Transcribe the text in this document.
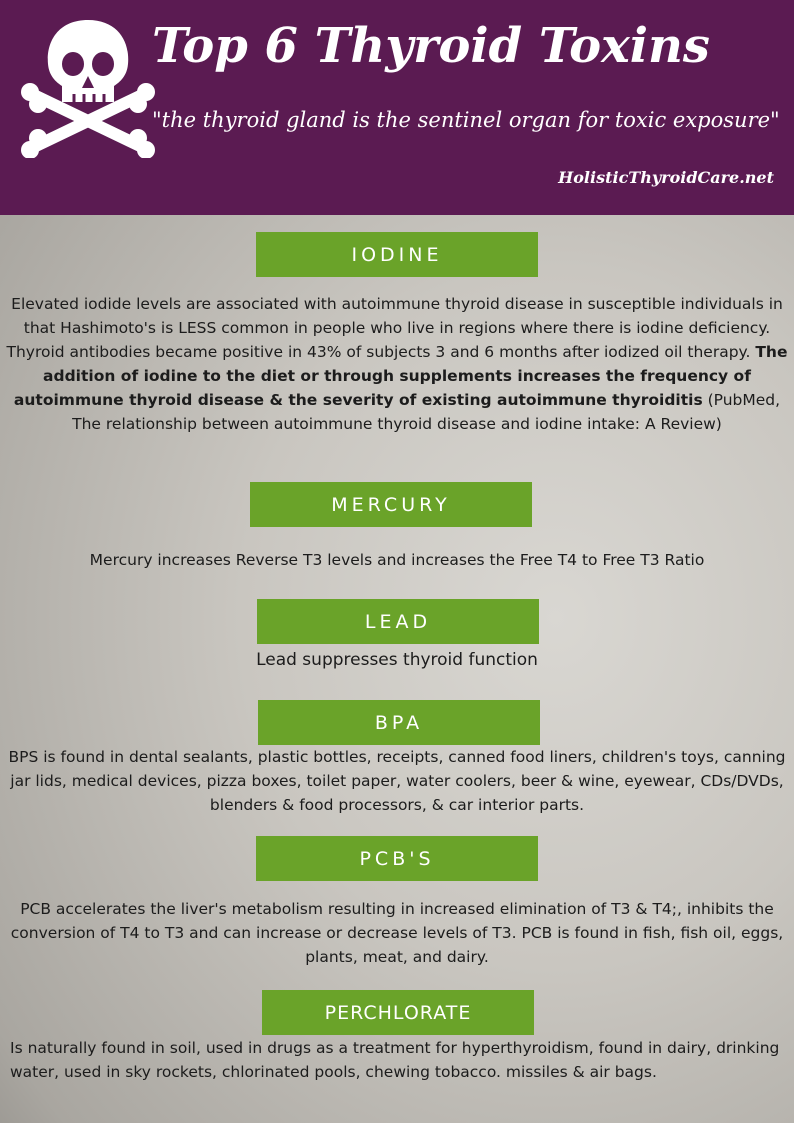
Top 6 Thyroid Toxins
"the thyroid gland is the sentinel organ for toxic exposure"
HolisticThyroidCare.net
IODINE
Elevated iodide levels are associated with autoimmune thyroid disease in susceptible individuals in that Hashimoto's is LESS common in people who live in regions where there is iodine deficiency. Thyroid antibodies became positive in 43% of subjects 3 and 6 months after iodized oil therapy. The addition of iodine to the diet or through supplements increases the frequency of autoimmune thyroid disease & the severity of existing autoimmune thyroiditis (PubMed, The relationship between autoimmune thyroid disease and iodine intake: A Review)
MERCURY
Mercury increases Reverse T3 levels and increases the Free T4 to Free T3 Ratio
LEAD
Lead suppresses thyroid function
BPA
BPS is found in dental sealants, plastic bottles, receipts, canned food liners, children's toys, canning jar lids, medical devices, pizza boxes, toilet paper, water coolers, beer & wine, eyewear, CDs/DVDs, blenders & food processors, & car interior parts.
PCB'S
PCB accelerates the liver's metabolism resulting in increased elimination of T3 & T4;, inhibits the conversion of T4 to T3 and can increase or decrease levels of T3. PCB is found in fish, fish oil, eggs, plants, meat, and dairy.
PERCHLORATE
Is naturally found in soil, used in drugs as a treatment for hyperthyroidism, found in dairy, drinking water, used in sky rockets, chlorinated pools, chewing tobacco. missiles & air bags.
